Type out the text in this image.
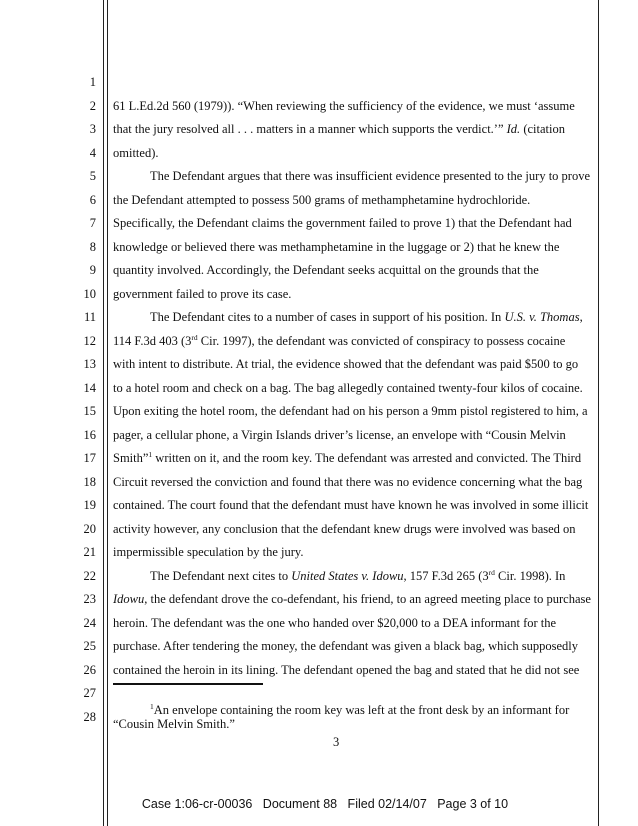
1
2
3
4
5
6
7
8
9
10
11
12
13
14
15
16
17
18
19
20
21
22
23
24
25
26
27
28
61 L.Ed.2d 560 (1979)). “When reviewing the sufficiency of the evidence, we must ‘assume
that the jury resolved all . . . matters in a manner which supports the verdict.’” Id. (citation
omitted).
The Defendant argues that there was insufficient evidence presented to the jury to prove
the Defendant attempted to possess 500 grams of methamphetamine hydrochloride.
Specifically, the Defendant claims the government failed to prove 1) that the Defendant had
knowledge or believed there was methamphetamine in the luggage or 2) that he knew the
quantity involved. Accordingly, the Defendant seeks acquittal on the grounds that the
government failed to prove its case.
The Defendant cites to a number of cases in support of his position. In U.S. v. Thomas,
114 F.3d 403 (3rd Cir. 1997), the defendant was convicted of conspiracy to possess cocaine
with intent to distribute. At trial, the evidence showed that the defendant was paid $500 to go
to a hotel room and check on a bag. The bag allegedly contained twenty-four kilos of cocaine.
Upon exiting the hotel room, the defendant had on his person a 9mm pistol registered to him, a
pager, a cellular phone, a Virgin Islands driver’s license, an envelope with “Cousin Melvin
Smith”$^1$ written on it, and the room key. The defendant was arrested and convicted. The Third
Circuit reversed the conviction and found that there was no evidence concerning what the bag
contained. The court found that the defendant must have known he was involved in some illicit
activity however, any conclusion that the defendant knew drugs were involved was based on
impermissible speculation by the jury.
The Defendant next cites to United States v. Idowu, 157 F.3d 265 (3rd Cir. 1998). In
Idowu, the defendant drove the co-defendant, his friend, to an agreed meeting place to purchase
heroin. The defendant was the one who handed over $20,000 to a DEA informant for the
purchase. After tendering the money, the defendant was given a black bag, which supposedly
contained the heroin in its lining. The defendant opened the bag and stated that he did not see
$^1$An envelope containing the room key was left at the front desk by an informant for
“Cousin Melvin Smith.”
3
Case 1:06-cr-00036   Document 88   Filed 02/14/07   Page 3 of 10
